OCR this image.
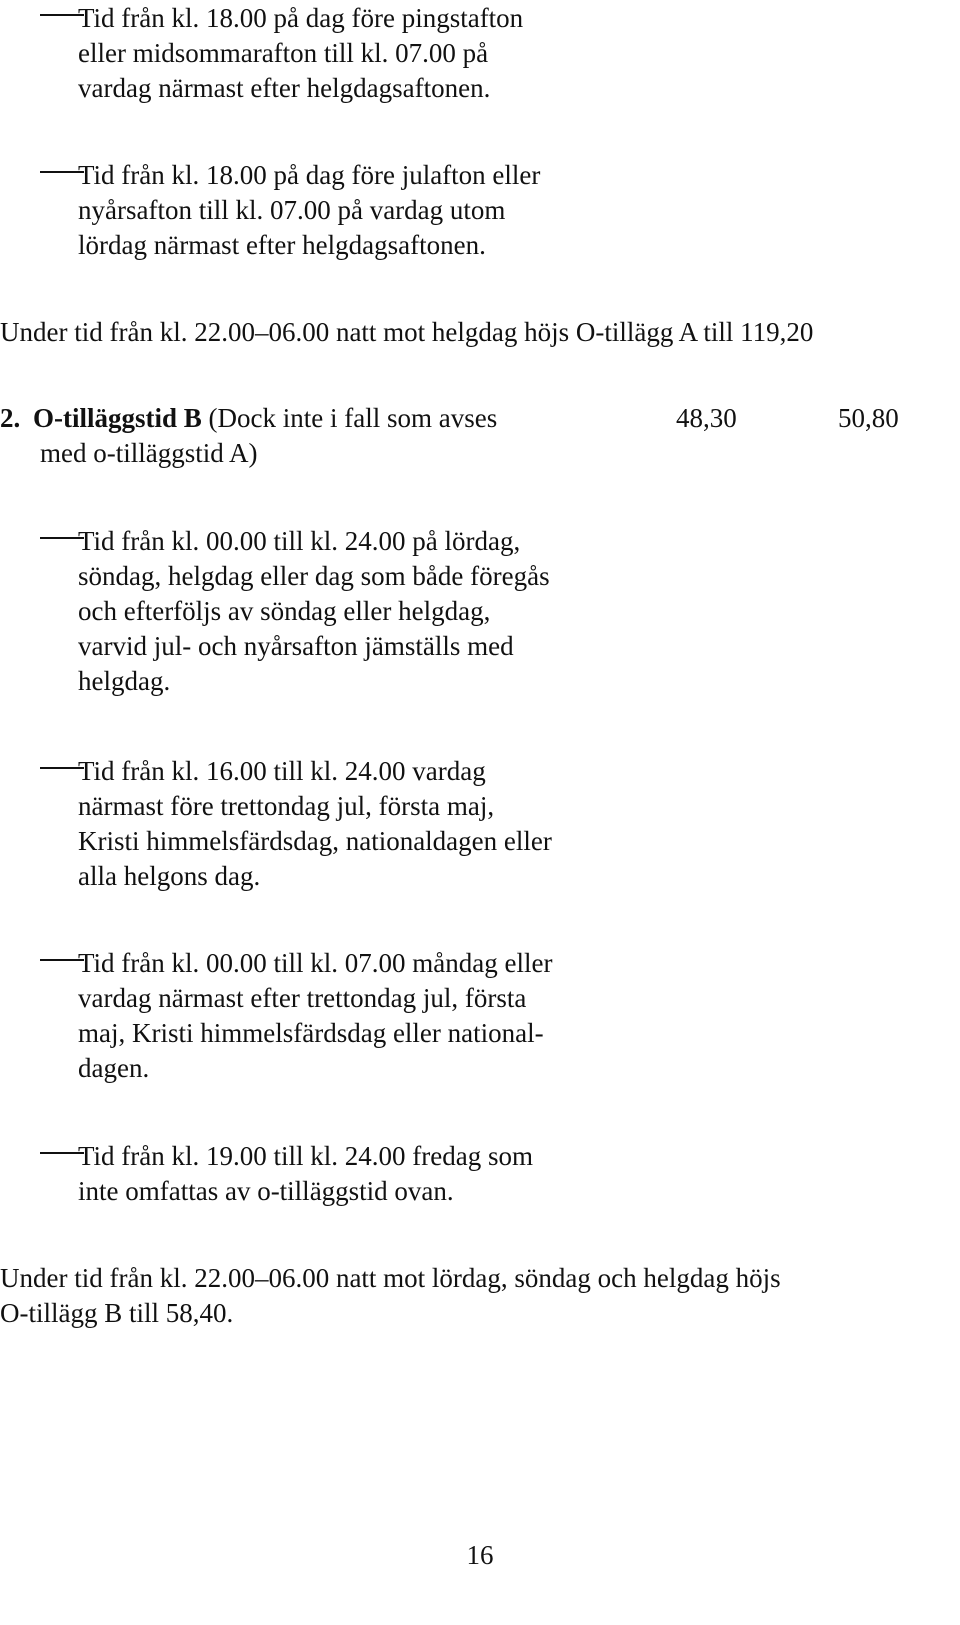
Tid från kl. 18.00 på dag före pingstafton
eller midsommarafton till kl. 07.00 på
vardag närmast efter helgdagsaftonen.
Tid från kl. 18.00 på dag före julafton eller
nyårsafton till kl. 07.00 på vardag utom
lördag närmast efter helgdagsaftonen.
Under tid från kl. 22.00–06.00 natt mot helgdag höjs O-tillägg A till 119,20
2. O-tilläggstid B (Dock inte i fall som avses
med o-tilläggstid A)
48,30	50,80
Tid från kl. 00.00 till kl. 24.00 på lördag,
söndag, helgdag eller dag som både föregås
och efterföljs av söndag eller helgdag,
varvid jul- och nyårsafton jämställs med
helgdag.
Tid från kl. 16.00 till kl. 24.00 vardag
närmast före trettondag jul, första maj,
Kristi himmelsfärdsdag, nationaldagen eller
alla helgons dag.
Tid från kl. 00.00 till kl. 07.00 måndag eller
vardag närmast efter trettondag jul, första
maj, Kristi himmelsfärdsdag eller national-
dagen.
Tid från kl. 19.00 till kl. 24.00 fredag som
inte omfattas av o-tilläggstid ovan.
Under tid från kl. 22.00–06.00 natt mot lördag, söndag och helgdag höjs
O-tillägg B till 58,40.
16
